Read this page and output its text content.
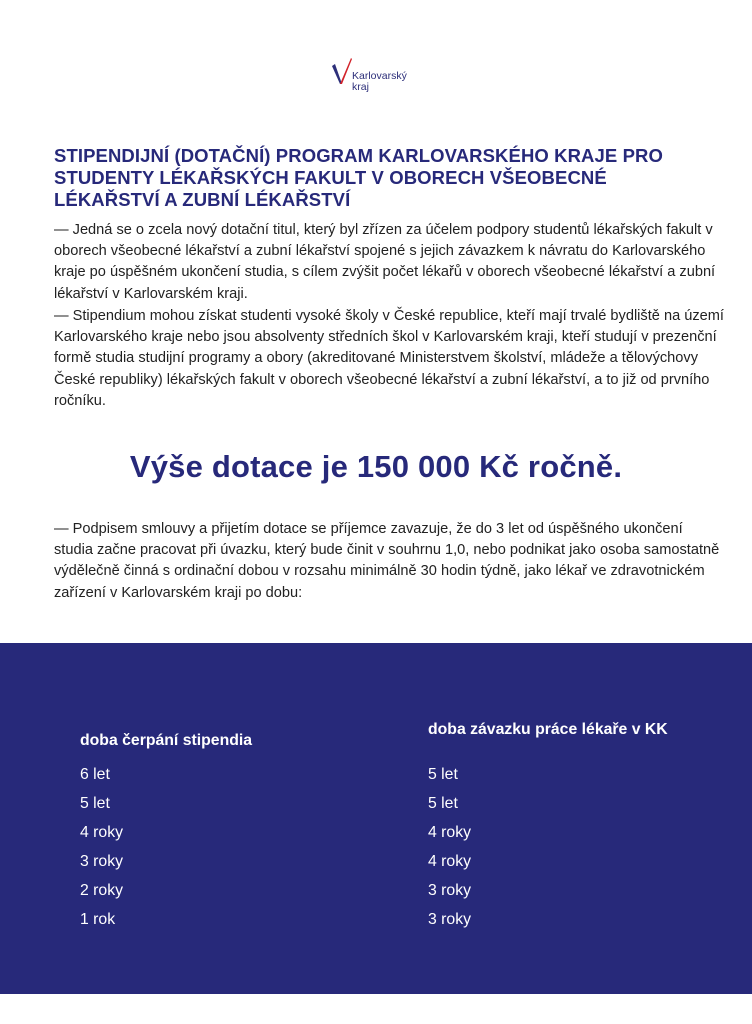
Karlovarský
kraj
STIPENDIJNÍ (DOTAČNÍ) PROGRAM KARLOVARSKÉHO KRAJE PRO STUDENTY LÉKAŘSKÝCH FAKULT V OBORECH VŠEOBECNÉ LÉKAŘSTVÍ A ZUBNÍ LÉKAŘSTVÍ

— Jedná se o zcela nový dotační titul, který byl zřízen za účelem podpory studentů lékařských fakult v oborech všeobecné lékařství a zubní lékařství spojené s jejich závazkem k návratu do Karlovarského kraje po úspěšném ukončení studia, s cílem zvýšit počet lékařů v oborech všeobecné lékařství a zubní lékařství v Karlovarském kraji.

— Stipendium mohou získat studenti vysoké školy v České republice, kteří mají trvalé bydliště na území Karlovarského kraje nebo jsou absolventy středních škol v Karlovarském kraji, kteří studují v prezenční formě studia studijní programy a obory (akreditované Ministerstvem školství, mládeže a tělovýchovy České republiky) lékařských fakult v oborech všeobecné lékařství a zubní lékařství, a to již od prvního ročníku.

Výše dotace je 150 000 Kč ročně.

— Podpisem smlouvy a přijetím dotace se příjemce zavazuje, že do 3 let od úspěšného ukončení studia začne pracovat při úvazku, který bude činit v souhrnu 1,0, nebo podnikat jako osoba samostatně výdělečně činná s ordinační dobou v rozsahu minimálně 30 hodin týdně, jako lékař ve zdravotnickém zařízení v Karlovarském kraji po dobu:

doba čerpání stipendia
6 let
5 let
4 roky
3 roky
2 roky
1 rok
doba závazku práce lékaře v KK
5 let
5 let
4 roky
4 roky
3 roky
3 roky
